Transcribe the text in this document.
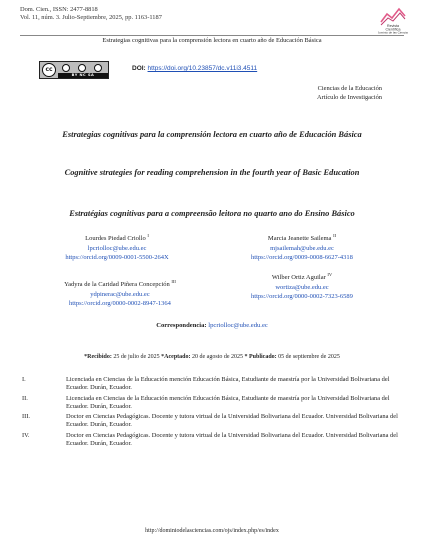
Dom. Cien., ISSN: 2477-8818
Vol. 11, núm. 3. Julio-Septiembre, 2025, pp. 1163-1187
Revista
Científica
Dominio de las Ciencias
Estrategias cognitivas para la comprensión lectora en cuarto año de Educación Básica
cc
BY NC SA
DOI: https://doi.org/10.23857/dc.v11i3.4511
Ciencias de la Educación
Artículo de Investigación
Estrategias cognitivas para la comprensión lectora en cuarto año de Educación Básica
Cognitive strategies for reading comprehension in the fourth year of Basic Education
Estratégias cognitivas para a compreensão leitora no quarto ano do Ensino Básico
Lourdes Piedad Criollo $^I$
lpcriolloc@ube.edu.ec
https://orcid.org/0009-0001-5500-264X
Marcia Jeanette Sailema $^{II}$
mjsailemah@ube.edu.ec
https://orcid.org/0009-0008-6627-4318
Yadyra de la Caridad Piñera Concepción $^{III}$
ydpinerac@ube.edu.ec
https://orcid.org/0000-0002-8947-1364
Wilber Ortiz Aguilar $^{IV}$
wortiza@ube.edu.ec
https://orcid.org/0000-0002-7323-6589
Correspondencia: lpcriolloc@ube.edu.ec
*Recibido: 25 de julio de 2025 *Aceptado: 20 de agosto de 2025 * Publicado: 05 de septiembre de 2025
I.	Licenciada en Ciencias de la Educación mención Educación Básica, Estudiante de maestría por la Universidad Bolivariana del Ecuador. Durán, Ecuador.
II.	Licenciada en Ciencias de la Educación mención Educación Básica, Estudiante de maestría por la Universidad Bolivariana del Ecuador. Durán, Ecuador.
III.	Doctor en Ciencias Pedagógicas. Docente y tutora virtual de la Universidad Bolivariana del Ecuador. Universidad Bolivariana del Ecuador. Durán, Ecuador.
IV.	Doctor en Ciencias Pedagógicas. Docente y tutora virtual de la Universidad Bolivariana del Ecuador. Universidad Bolivariana del Ecuador. Durán, Ecuador.
http://dominiodelasciencias.com/ojs/index.php/es/index
